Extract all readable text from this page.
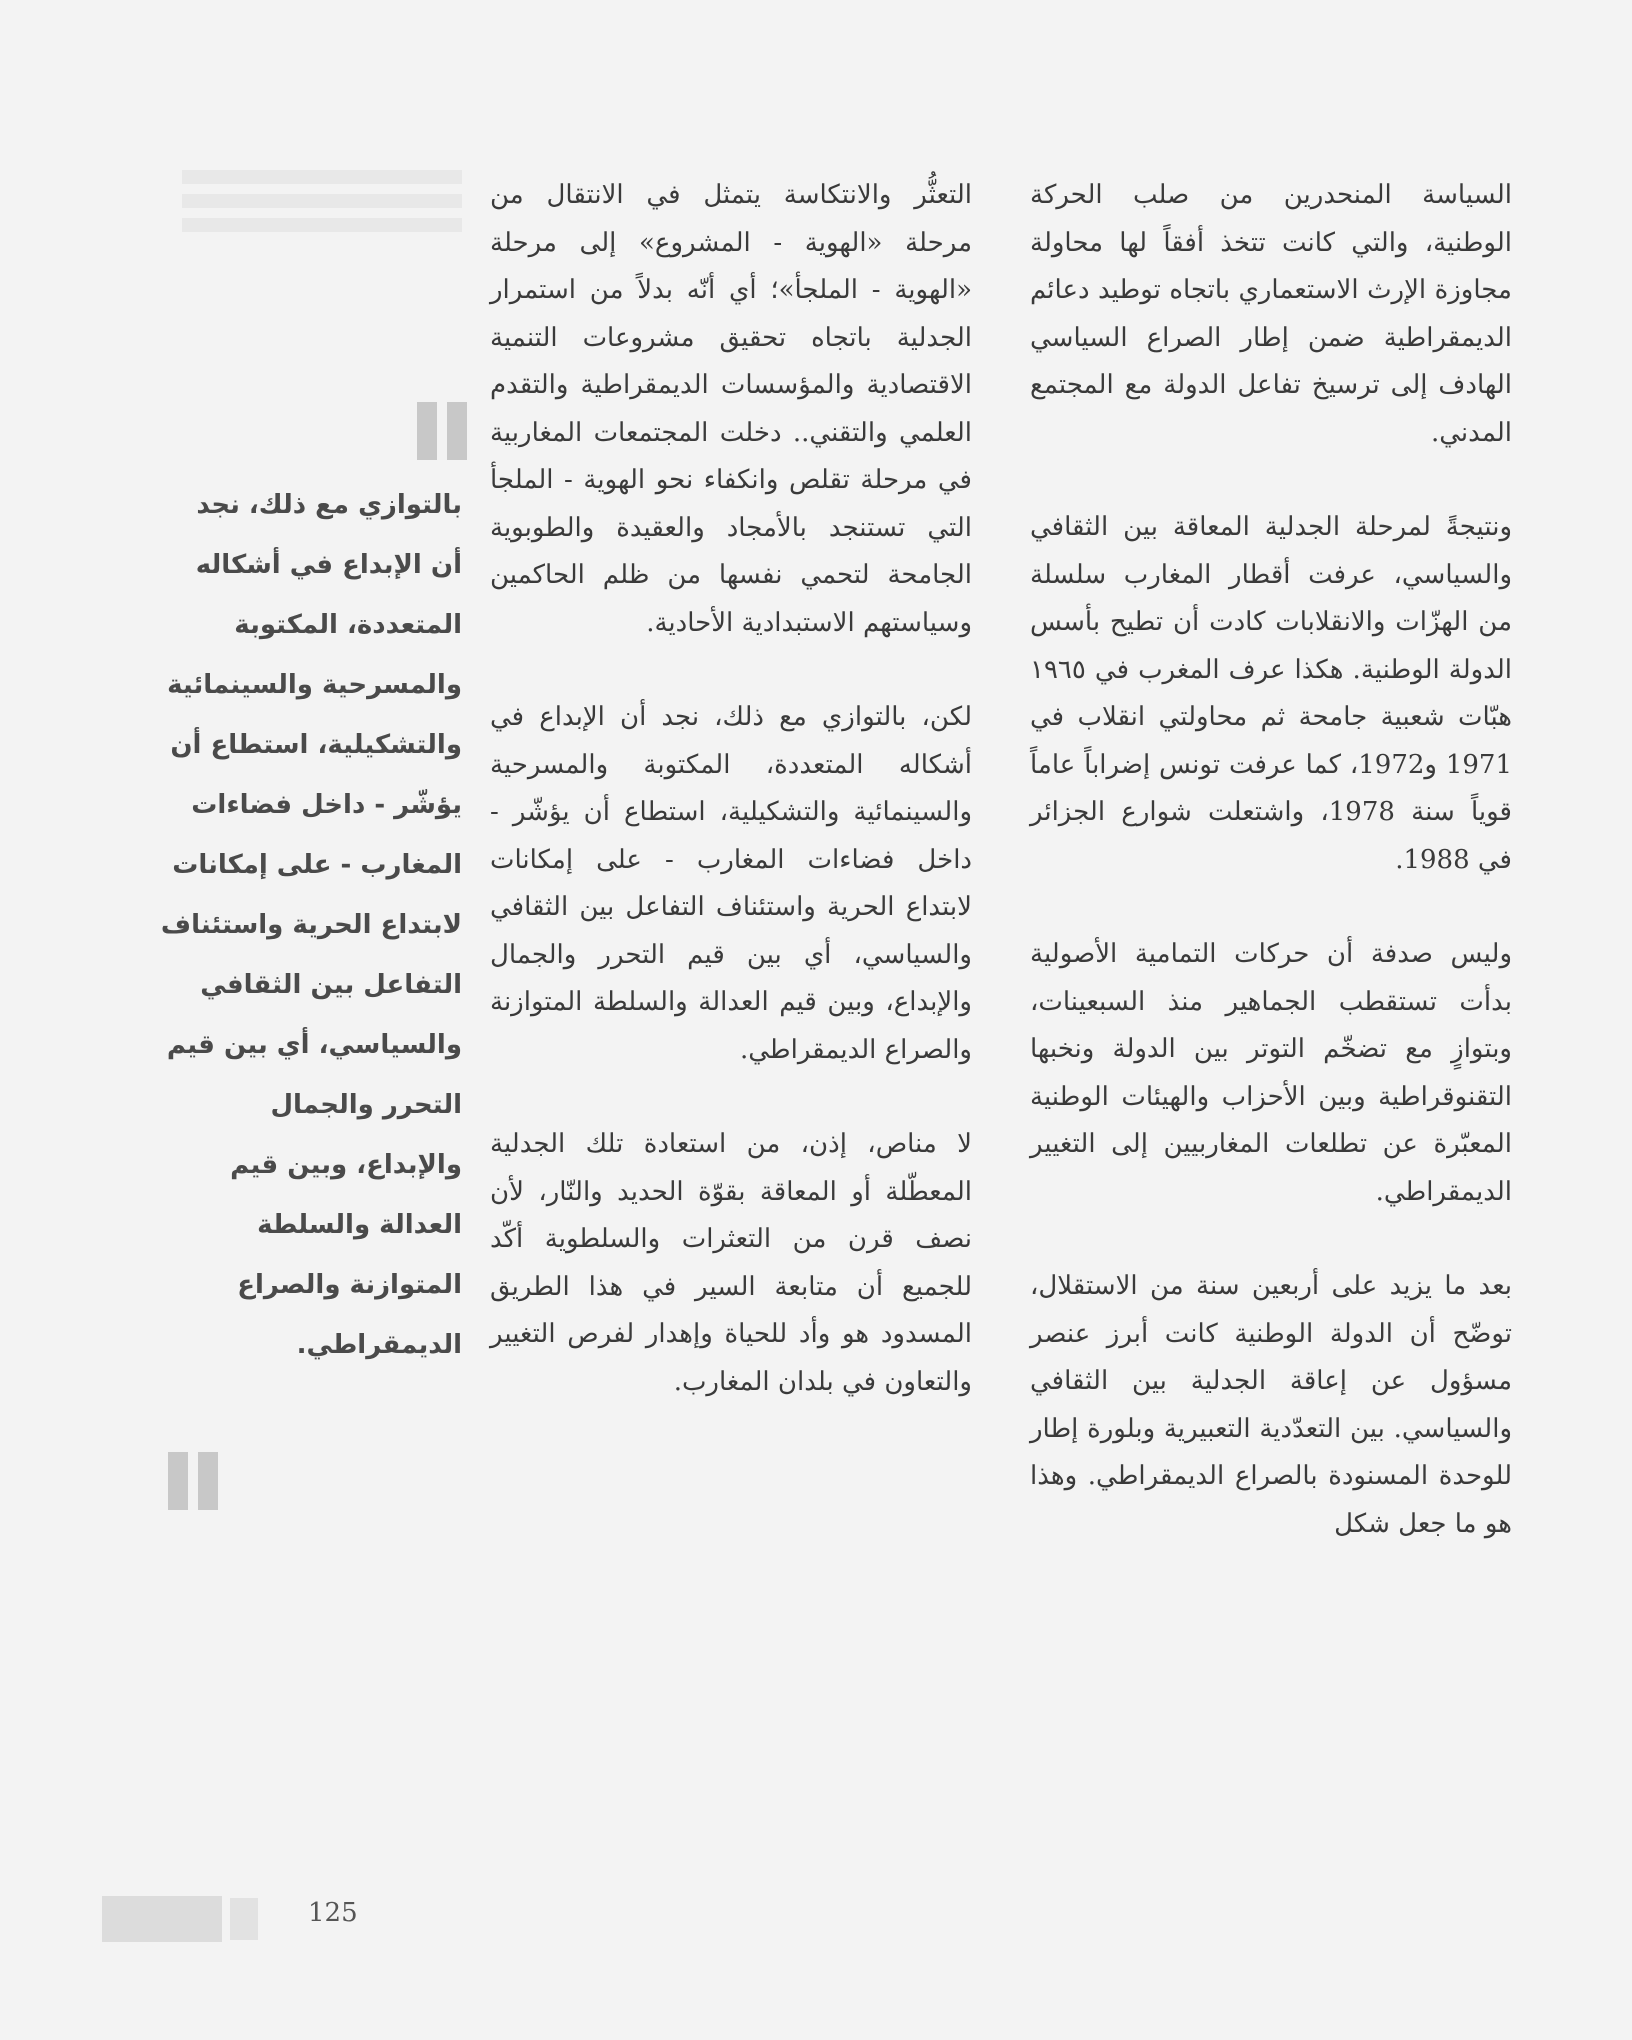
السياسة المنحدرين من صلب الحركة الوطنية، والتي كانت تتخذ أفقاً لها محاولة مجاوزة الإرث الاستعماري باتجاه توطيد دعائم الديمقراطية ضمن إطار الصراع السياسي الهادف إلى ترسيخ تفاعل الدولة مع المجتمع المدني.

ونتيجةً لمرحلة الجدلية المعاقة بين الثقافي والسياسي، عرفت أقطار المغارب سلسلة من الهزّات والانقلابات كادت أن تطيح بأسس الدولة الوطنية. هكذا عرف المغرب في ١٩٦٥ هبّات شعبية جامحة ثم محاولتي انقلاب في 1971 و1972، كما عرفت تونس إضراباً عاماً قوياً سنة 1978، واشتعلت شوارع الجزائر في 1988.

وليس صدفة أن حركات التمامية الأصولية بدأت تستقطب الجماهير منذ السبعينات، وبتوازٍ مع تضخّم التوتر بين الدولة ونخبها التقنوقراطية وبين الأحزاب والهيئات الوطنية المعبّرة عن تطلعات المغاربيين إلى التغيير الديمقراطي.

بعد ما يزيد على أربعين سنة من الاستقلال، توضّح أن الدولة الوطنية كانت أبرز عنصر مسؤول عن إعاقة الجدلية بين الثقافي والسياسي. بين التعدّدية التعبيرية وبلورة إطار للوحدة المسنودة بالصراع الديمقراطي. وهذا هو ما جعل شكل

التعثُّر والانتكاسة يتمثل في الانتقال من مرحلة «الهوية - المشروع» إلى مرحلة «الهوية - الملجأ»؛ أي أنّه بدلاً من استمرار الجدلية باتجاه تحقيق مشروعات التنمية الاقتصادية والمؤسسات الديمقراطية والتقدم العلمي والتقني.. دخلت المجتمعات المغاربية في مرحلة تقلص وانكفاء نحو الهوية - الملجأ التي تستنجد بالأمجاد والعقيدة والطوبوية الجامحة لتحمي نفسها من ظلم الحاكمين وسياستهم الاستبدادية الأحادية.

لكن، بالتوازي مع ذلك، نجد أن الإبداع في أشكاله المتعددة، المكتوبة والمسرحية والسينمائية والتشكيلية، استطاع أن يؤشّر - داخل فضاءات المغارب - على إمكانات لابتداع الحرية واستئناف التفاعل بين الثقافي والسياسي، أي بين قيم التحرر والجمال والإبداع، وبين قيم العدالة والسلطة المتوازنة والصراع الديمقراطي.

لا مناص، إذن، من استعادة تلك الجدلية المعطّلة أو المعاقة بقوّة الحديد والنّار، لأن نصف قرن من التعثرات والسلطوية أكّد للجميع أن متابعة السير في هذا الطريق المسدود هو وأد للحياة وإهدار لفرص التغيير والتعاون في بلدان المغارب.

بالتوازي مع ذلك، نجد أن الإبداع في أشكاله المتعددة، المكتوبة والمسرحية والسينمائية والتشكيلية، استطاع أن يؤشّر - داخل فضاءات المغارب - على إمكانات لابتداع الحرية واستئناف التفاعل بين الثقافي والسياسي، أي بين قيم التحرر والجمال والإبداع، وبين قيم العدالة والسلطة المتوازنة والصراع الديمقراطي.
125
